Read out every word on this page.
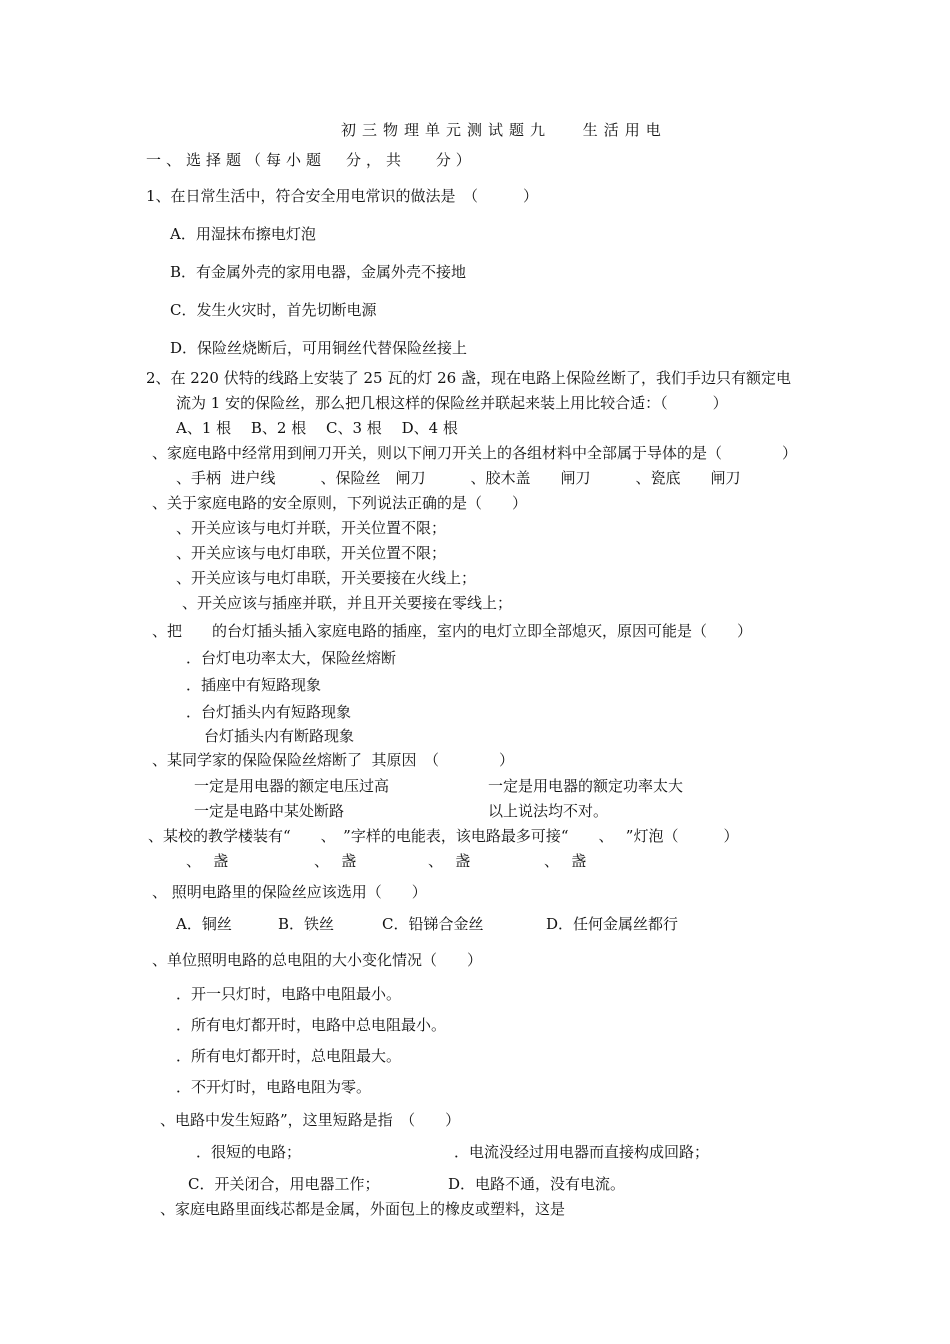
初三物理单元测试题九　 生活用电
一、选择题（每小题　分，共　 分）
1、在日常生活中，符合安全用电常识的做法是　（　　　）
A．用湿抹布擦电灯泡
B．有金属外壳的家用电器，金属外壳不接地
C．发生火灾时，首先切断电源
D．保险丝烧断后，可用铜丝代替保险丝接上
2、在 220 伏特的线路上安装了 25 瓦的灯 26 盏，现在电路上保险丝断了，我们手边只有额定电
流为 1 安的保险丝，那么把几根这样的保险丝并联起来装上用比较合适：（　　　）
A、1 根　 B、2 根　 C、3 根　 D、4 根
、家庭电路中经常用到闸刀开关，则以下闸刀开关上的各组材料中全部属于导体的是（　　　　）
、手柄  进户线　　　、保险丝　闸刀　　　、胶木盖　　闸刀　　　、瓷底　　闸刀
、关于家庭电路的安全原则，下列说法正确的是（　　）
、开关应该与电灯并联，开关位置不限；
、开关应该与电灯串联，开关位置不限；
、开关应该与电灯串联，开关要接在火线上；
、开关应该与插座并联，并且开关要接在零线上；
、把　　的台灯插头插入家庭电路的插座，室内的电灯立即全部熄灭，原因可能是（　　）
．台灯电功率太大，保险丝熔断
．插座中有短路现象
．台灯插头内有短路现象
台灯插头内有断路现象
、某同学家的保险保险丝熔断了  其原因　（　　　　）
一定是用电器的额定电压过高	一定是用电器的额定功率太大
一定是电路中某处断路	以上说法均不对。
、某校的教学楼装有“　　、　”字样的电能表，该电路最多可接“　　、　 ”灯泡（　　　）
、　 盏	、　 盏	、　 盏	、　 盏
、 照明电路里的保险丝应该选用（　　）
A．铜丝	B．铁丝	C．铅锑合金丝	D．任何金属丝都行
、单位照明电路的总电阻的大小变化情况（　　）
．开一只灯时，电路中电阻最小。
．所有电灯都开时，电路中总电阻最小。
．所有电灯都开时，总电阻最大。
．不开灯时，电路电阻为零。
、电路中发生短路”，这里短路是指　（　　）
．很短的电路；	．电流没经过用电器而直接构成回路；
C．开关闭合，用电器工作；	D．电路不通，没有电流。
、家庭电路里面线芯都是金属，外面包上的橡皮或塑料，这是
